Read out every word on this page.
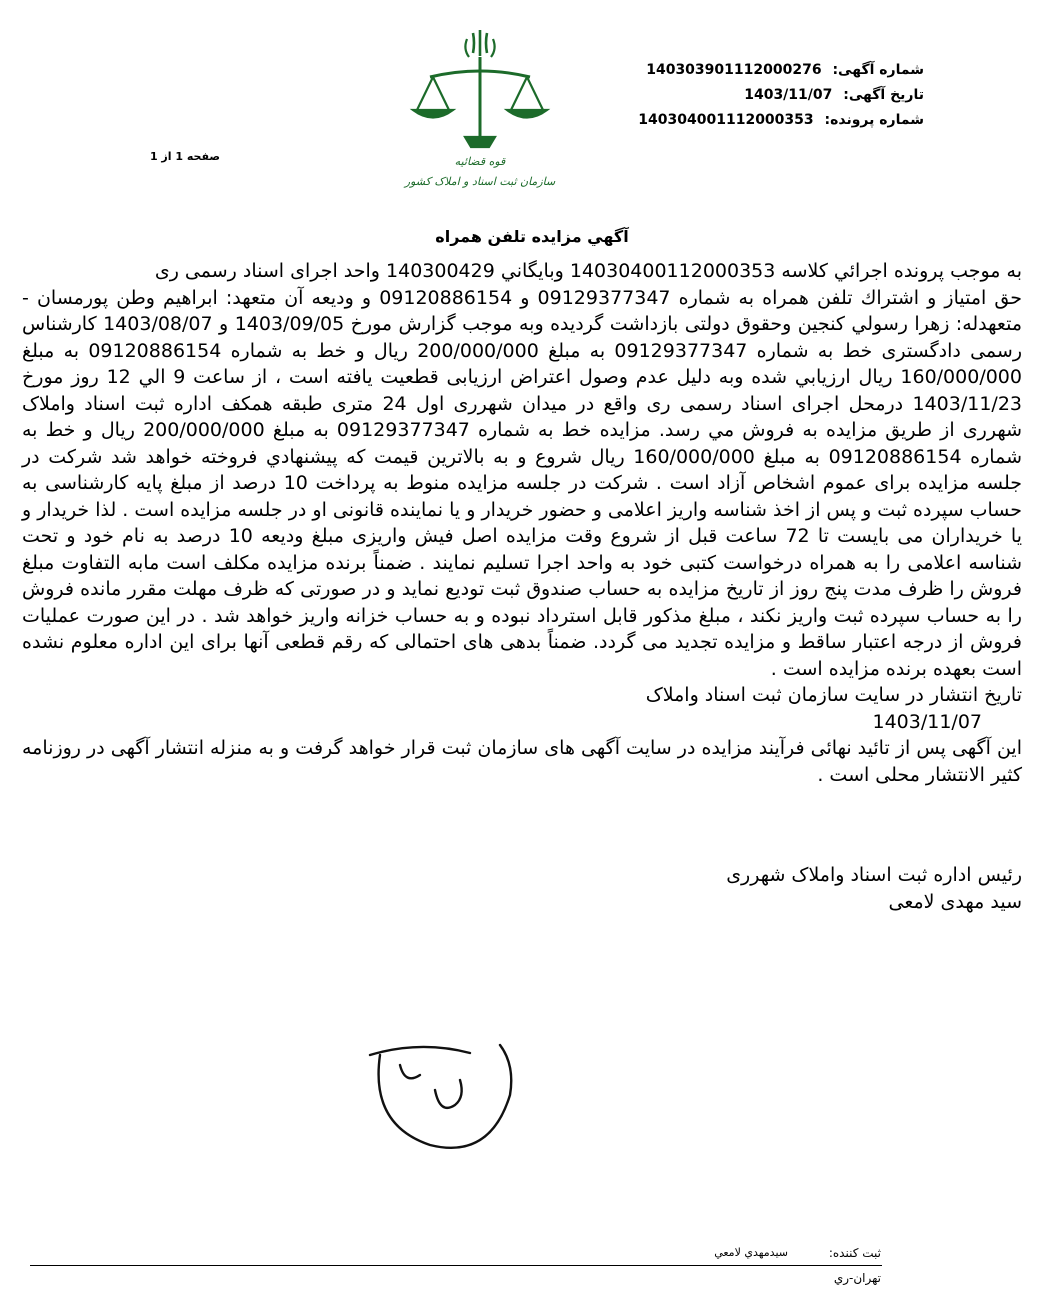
قوه قضائیه
سازمان ثبت اسناد و املاک کشور
شماره آگهی: 140303901112000276
تاریخ آگهی: 1403/11/07
شماره پرونده: 140304001112000353
صفحه 1 از 1
آگهي مزايده تلفن همراه

به موجب پرونده اجرائي كلاسه 14030400112000353 وبايگاني 140300429 واحد اجرای اسناد رسمی ری

حق امتیاز و اشتراك تلفن همراه به شماره 09129377347 و 09120886154 و ودیعه آن متعهد: ابراهيم وطن پورمسان - متعهدله: زهرا رسولي كنجين وحقوق دولتی بازداشت گرديده وبه موجب گزارش مورخ 1403/09/05 و 1403/08/07 كارشناس رسمی دادگستری خط به شماره 09129377347 به مبلغ 200/000/000 ريال و خط به شماره 09120886154 به مبلغ 160/000/000 ريال ارزيابي شده وبه دليل عدم وصول اعتراض ارزيابی قطعيت يافته است ، از ساعت 9 الي 12 روز مورخ 1403/11/23 درمحل اجرای اسناد رسمی ری واقع در ميدان شهرری اول 24 متری طبقه همكف اداره ثبت اسناد واملاک شهرری از طريق مزايده به فروش مي رسد. مزايده خط به شماره 09129377347 به مبلغ 200/000/000 ريال و خط به شماره 09120886154 به مبلغ 160/000/000 ريال شروع و به بالاترين قيمت كه پيشنهادي فروخته خواهد شد شركت در جلسه مزايده برای عموم اشخاص آزاد است . شرکت در جلسه مزایده منوط به پرداخت 10 درصد از مبلغ پایه کارشناسی به حساب سپرده ثبت و پس از اخذ شناسه واریز اعلامی و حضور خریدار و یا نماینده قانونی او در جلسه مزایده است . لذا خریدار و یا خریداران می بایست تا 72 ساعت قبل از شروع وقت مزایده اصل فیش واریزی مبلغ ودیعه 10 درصد به نام خود و تحت شناسه اعلامی را به همراه درخواست کتبی خود به واحد اجرا تسلیم نمایند . ضمناً برنده مزایده مکلف است مابه التفاوت مبلغ فروش را ظرف مدت پنج روز از تاریخ مزایده به حساب صندوق ثبت توديع نمايد و در صورتی كه ظرف مهلت مقرر مانده فروش را به حساب سپرده ثبت واريز نكند ، مبلغ مذكور قابل استرداد نبوده و به حساب خزانه واريز خواهد شد . در اين صورت عمليات فروش از درجه اعتبار ساقط و مزايده تجديد می گردد. ضمناً بدهی های احتمالی كه رقم قطعی آنها برای اين اداره معلوم نشده است بعهده برنده مزايده است .

تاريخ انتشار در سايت سازمان ثبت اسناد واملاک

1403/11/07

اين آگهی پس از تائيد نهائی فرآيند مزايده در سايت آگهی های سازمان ثبت قرار خواهد گرفت و به منزله انتشار آگهی در روزنامه كثير الانتشار محلی است .

رئيس اداره ثبت اسناد واملاک شهرری
سيد مهدی لامعی
ثبت كننده:
سيدمهدي لامعي
تهران-ري
